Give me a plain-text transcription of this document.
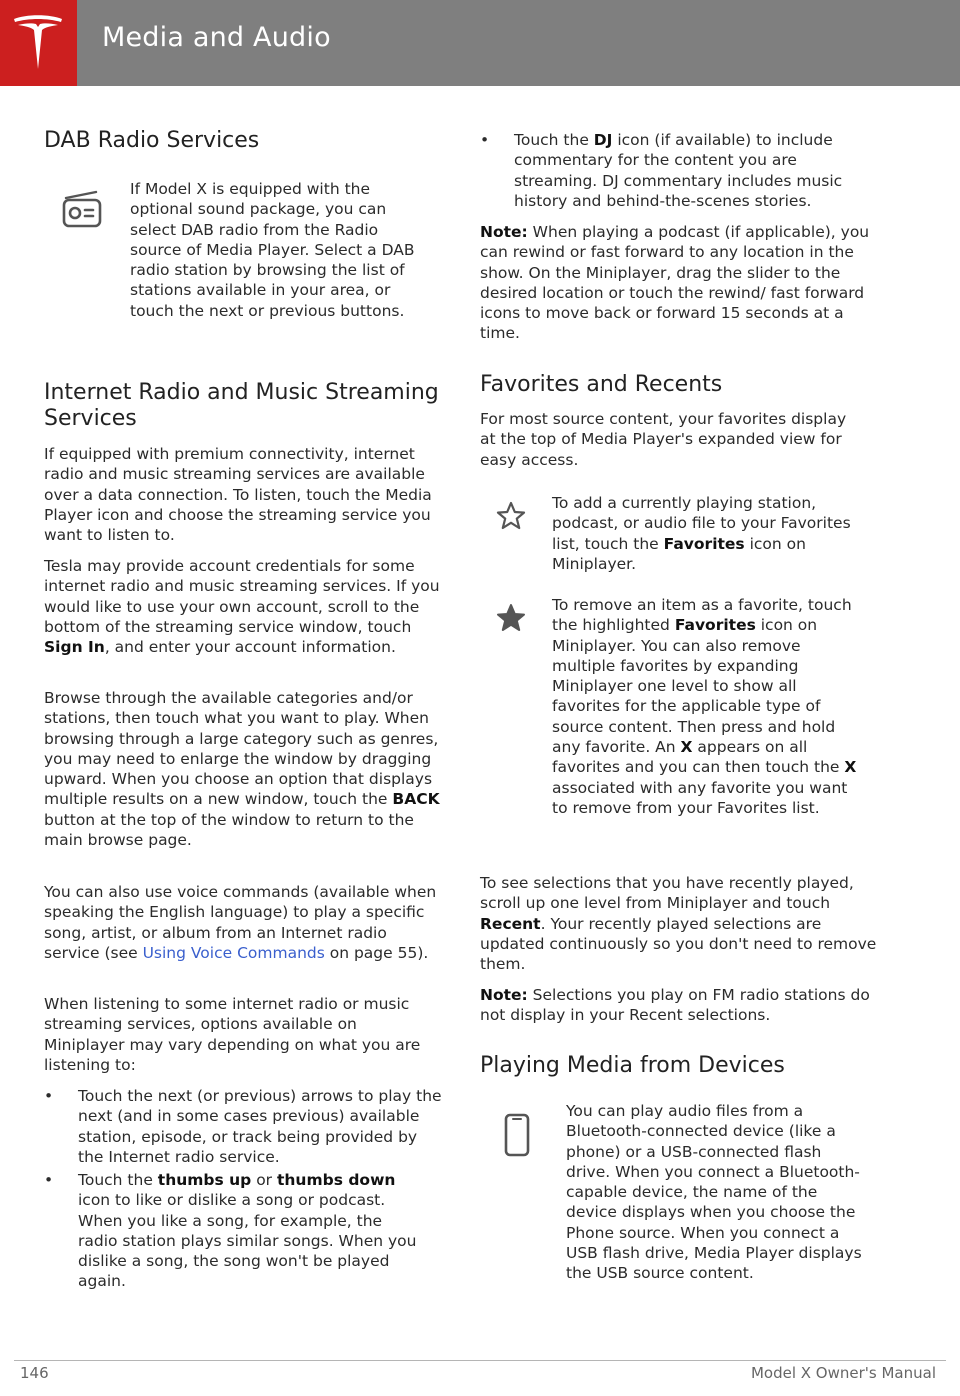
Media and Audio
DAB Radio Services

If Model X is equipped with the optional sound package, you can select DAB radio from the Radio source of Media Player. Select a DAB radio station by browsing the list of stations available in your area, or touch the next or previous buttons.

Internet Radio and Music Streaming Services

If equipped with premium connectivity, internet radio and music streaming services are available over a data connection. To listen, touch the Media Player icon and choose the streaming service you want to listen to.

Tesla may provide account credentials for some internet radio and music streaming services. If you would like to use your own account, scroll to the bottom of the streaming service window, touch Sign In, and enter your account information.

Browse through the available categories and/or stations, then touch what you want to play. When browsing through a large category such as genres, you may need to enlarge the window by dragging upward. When you choose an option that displays multiple results on a new window, touch the BACK button at the top of the window to return to the main browse page.

You can also use voice commands (available when speaking the English language) to play a specific song, artist, or album from an Internet radio service (see Using Voice Commands on page 55).

When listening to some internet radio or music streaming services, options available on Miniplayer may vary depending on what you are listening to:

• Touch the next (or previous) arrows to play the next (and in some cases previous) available station, episode, or track being provided by the Internet radio service.
• Touch the thumbs up or thumbs down icon to like or dislike a song or podcast. When you like a song, for example, the radio station plays similar songs. When you dislike a song, the song won't be played again.
• Touch the DJ icon (if available) to include commentary for the content you are streaming. DJ commentary includes music history and behind-the-scenes stories.

Note: When playing a podcast (if applicable), you can rewind or fast forward to any location in the show. On the Miniplayer, drag the slider to the desired location or touch the rewind/ fast forward icons to move back or forward 15 seconds at a time.

Favorites and Recents

For most source content, your favorites display at the top of Media Player's expanded view for easy access.

To add a currently playing station, podcast, or audio file to your Favorites list, touch the Favorites icon on Miniplayer.

To remove an item as a favorite, touch the highlighted Favorites icon on Miniplayer. You can also remove multiple favorites by expanding Miniplayer one level to show all favorites for the applicable type of source content. Then press and hold any favorite. An X appears on all favorites and you can then touch the X associated with any favorite you want to remove from your Favorites list.

To see selections that you have recently played, scroll up one level from Miniplayer and touch Recent. Your recently played selections are updated continuously so you don't need to remove them.

Note: Selections you play on FM radio stations do not display in your Recent selections.

Playing Media from Devices

You can play audio files from a Bluetooth-connected device (like a phone) or a USB-connected flash drive. When you connect a Bluetooth-capable device, the name of the device displays when you choose the Phone source. When you connect a USB flash drive, Media Player displays the USB source content.

146	Model X Owner's Manual
